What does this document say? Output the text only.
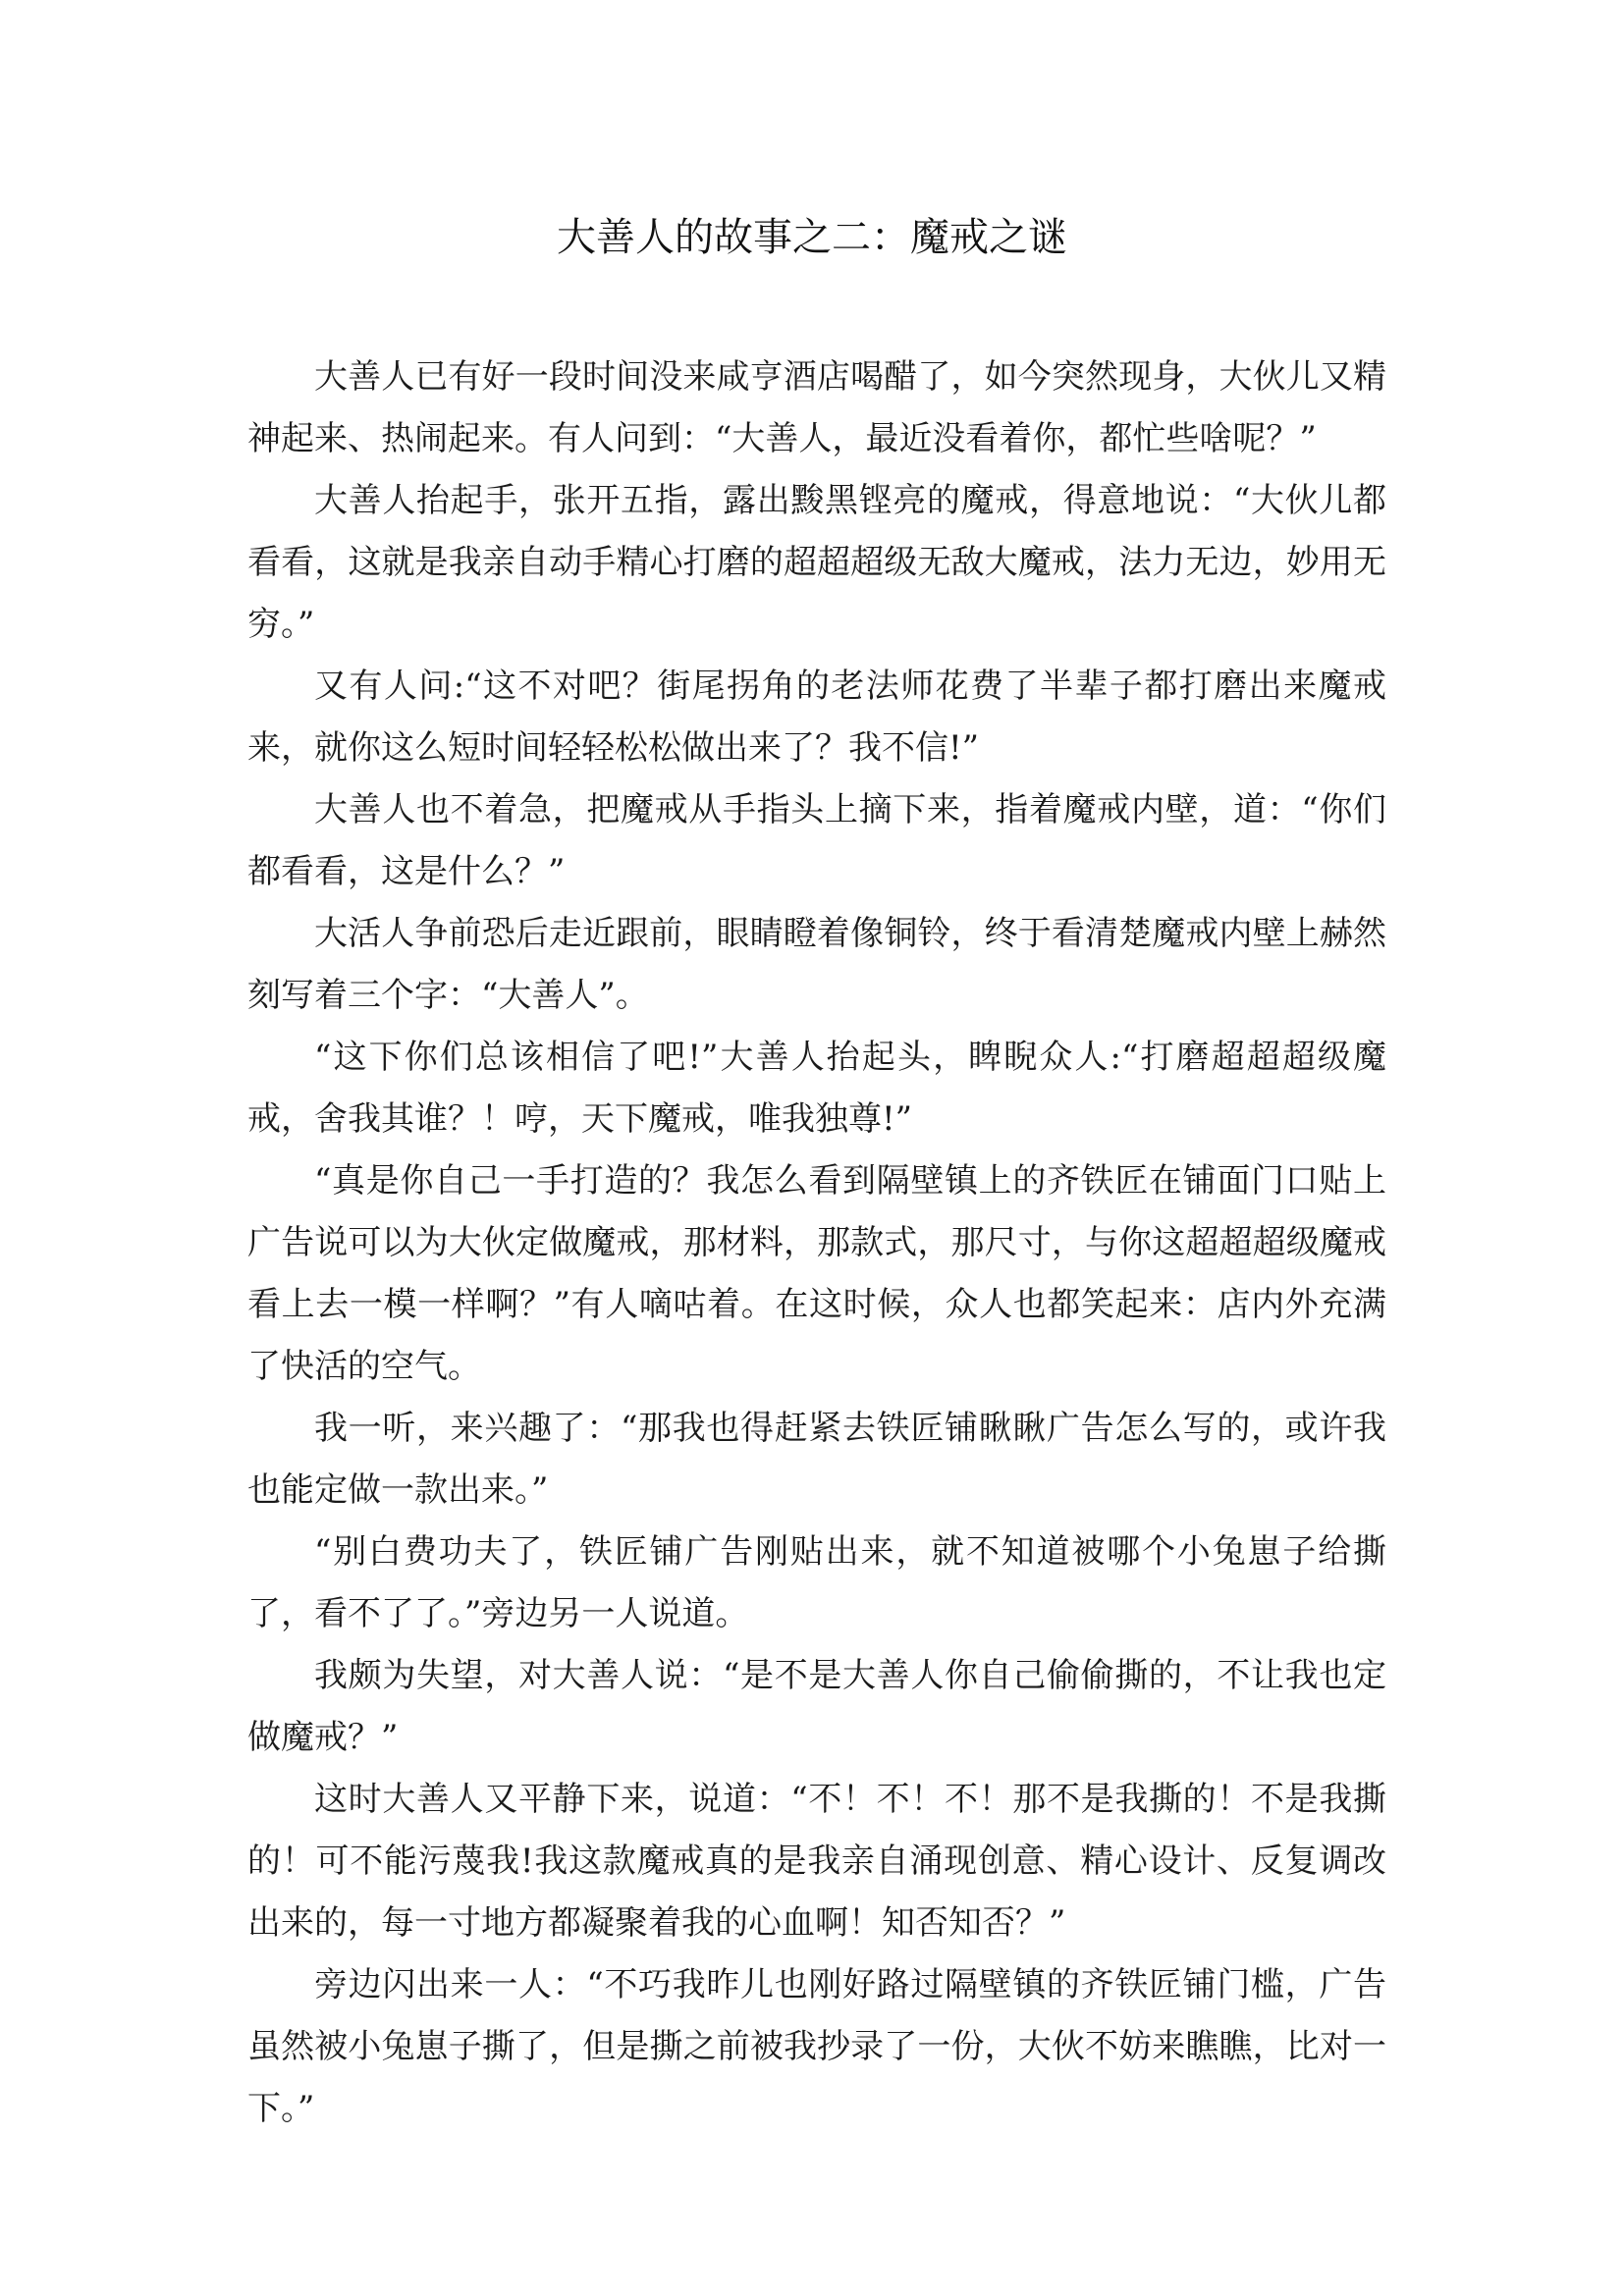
大善人的故事之二：魔戒之谜

大善人已有好一段时间没来咸亨酒店喝醋了，如今突然现身，大伙儿又精神起来、热闹起来。有人问到：“大善人，最近没看着你，都忙些啥呢？”

大善人抬起手，张开五指，露出黢黑铿亮的魔戒，得意地说：“大伙儿都看看，这就是我亲自动手精心打磨的超超超级无敌大魔戒，法力无边，妙用无穷。”

又有人问:“这不对吧？街尾拐角的老法师花费了半辈子都打磨出来魔戒来，就你这么短时间轻轻松松做出来了？我不信!”

大善人也不着急，把魔戒从手指头上摘下来，指着魔戒内壁，道：“你们都看看，这是什么？”

大活人争前恐后走近跟前，眼睛瞪着像铜铃，终于看清楚魔戒内壁上赫然刻写着三个字：“大善人”。

“这下你们总该相信了吧!”大善人抬起头，睥睨众人:“打磨超超超级魔戒，舍我其谁？！哼，天下魔戒，唯我独尊!”

“真是你自己一手打造的？我怎么看到隔壁镇上的齐铁匠在铺面门口贴上广告说可以为大伙定做魔戒，那材料，那款式，那尺寸，与你这超超超级魔戒看上去一模一样啊？”有人嘀咕着。在这时候，众人也都笑起来：店内外充满了快活的空气。

我一听，来兴趣了：“那我也得赶紧去铁匠铺瞅瞅广告怎么写的，或许我也能定做一款出来。”

“别白费功夫了，铁匠铺广告刚贴出来，就不知道被哪个小兔崽子给撕了，看不了了。”旁边另一人说道。

我颇为失望，对大善人说：“是不是大善人你自己偷偷撕的，不让我也定做魔戒？”

这时大善人又平静下来，说道：“不！不！不！那不是我撕的！不是我撕的！可不能污蔑我!我这款魔戒真的是我亲自涌现创意、精心设计、反复调改出来的，每一寸地方都凝聚着我的心血啊！知否知否？”

旁边闪出来一人：“不巧我昨儿也刚好路过隔壁镇的齐铁匠铺门槛，广告虽然被小兔崽子撕了，但是撕之前被我抄录了一份，大伙不妨来瞧瞧，比对一下。”
